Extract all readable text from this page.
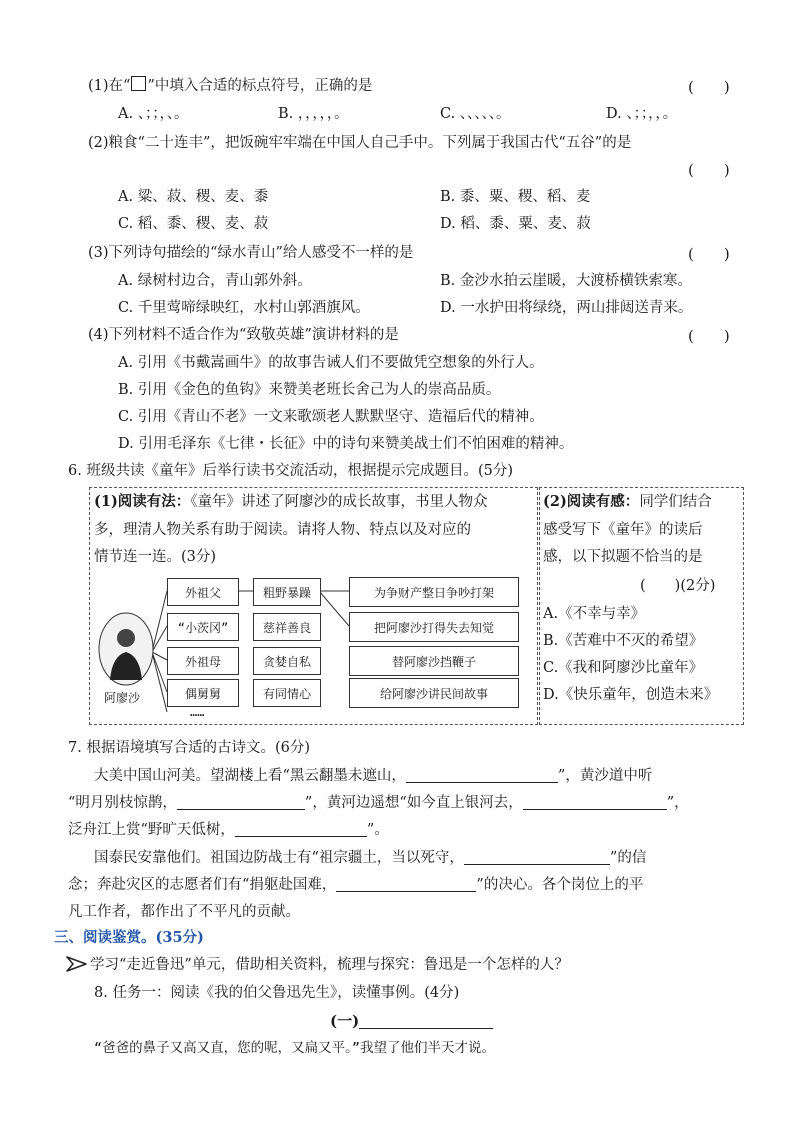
(1)在“ ”中填入合适的标点符号，正确的是	(　　)
A. 、；；，、。	B. ，，，，，。	C. 、、、、、。	D. 、；；，，。
(2)粮食“二十连丰”，把饭碗牢牢端在中国人自己手中。下列属于我国古代“五谷”的是
(　　)
A. 粱、菽、稷、麦、黍	B. 黍、粟、稷、稻、麦
C. 稻、黍、稷、麦、菽	D. 稻、黍、粟、麦、菽
(3)下列诗句描绘的“绿水青山”给人感受不一样的是	(　　)
A. 绿树村边合，青山郭外斜。	B. 金沙水拍云崖暖，大渡桥横铁索寒。
C. 千里莺啼绿映红，水村山郭酒旗风。	D. 一水护田将绿绕，两山排闼送青来。
(4)下列材料不适合作为“致敬英雄”演讲材料的是	(　　)
A. 引用《书戴嵩画牛》的故事告诫人们不要做凭空想象的外行人。
B. 引用《金色的鱼钩》来赞美老班长舍己为人的崇高品质。
C. 引用《青山不老》一文来歌颂老人默默坚守、造福后代的精神。
D. 引用毛泽东《七律・长征》中的诗句来赞美战士们不怕困难的精神。
6. 班级共读《童年》后举行读书交流活动，根据提示完成题目。(5分)
(1)阅读有法：《童年》讲述了阿廖沙的成长故事，书里人物众
多，理清人物关系有助于阅读。请将人物、特点以及对应的
情节连一连。(3分)
阿廖沙
外祖父
“小茨冈”
外祖母
偶舅舅
……
粗野暴躁
慈祥善良
贪婪自私
有同情心
为争财产整日争吵打架
把阿廖沙打得失去知觉
替阿廖沙挡鞭子
给阿廖沙讲民间故事
(2)阅读有感：同学们结合
感受写下《童年》的读后
感，以下拟题不恰当的是
(　　)(2分)
A.《不幸与幸》
B.《苦难中不灭的希望》
C.《我和阿廖沙比童年》
D.《快乐童年，创造未来》
7. 根据语境填写合适的古诗文。(6分)
大美中国山河美。望湖楼上看“黑云翻墨未遮山，	”，黄沙道中听
“明月别枝惊鹊，	”，黄河边遥想“如今直上银河去，	”，
泛舟江上赏“野旷天低树，	”。
国泰民安靠他们。祖国边防战士有“祖宗疆土，当以死守，	”的信
念；奔赴灾区的志愿者们有“捐躯赴国难，	”的决心。各个岗位上的平
凡工作者，都作出了不平凡的贡献。
三、阅读鉴赏。(35分)
学习“走近鲁迅”单元，借助相关资料，梳理与探究：鲁迅是一个怎样的人？
8. 任务一：阅读《我的伯父鲁迅先生》，读懂事例。(4分)
(一)
“爸爸的鼻子又高又直，您的呢，又扁又平。”我望了他们半天才说。
